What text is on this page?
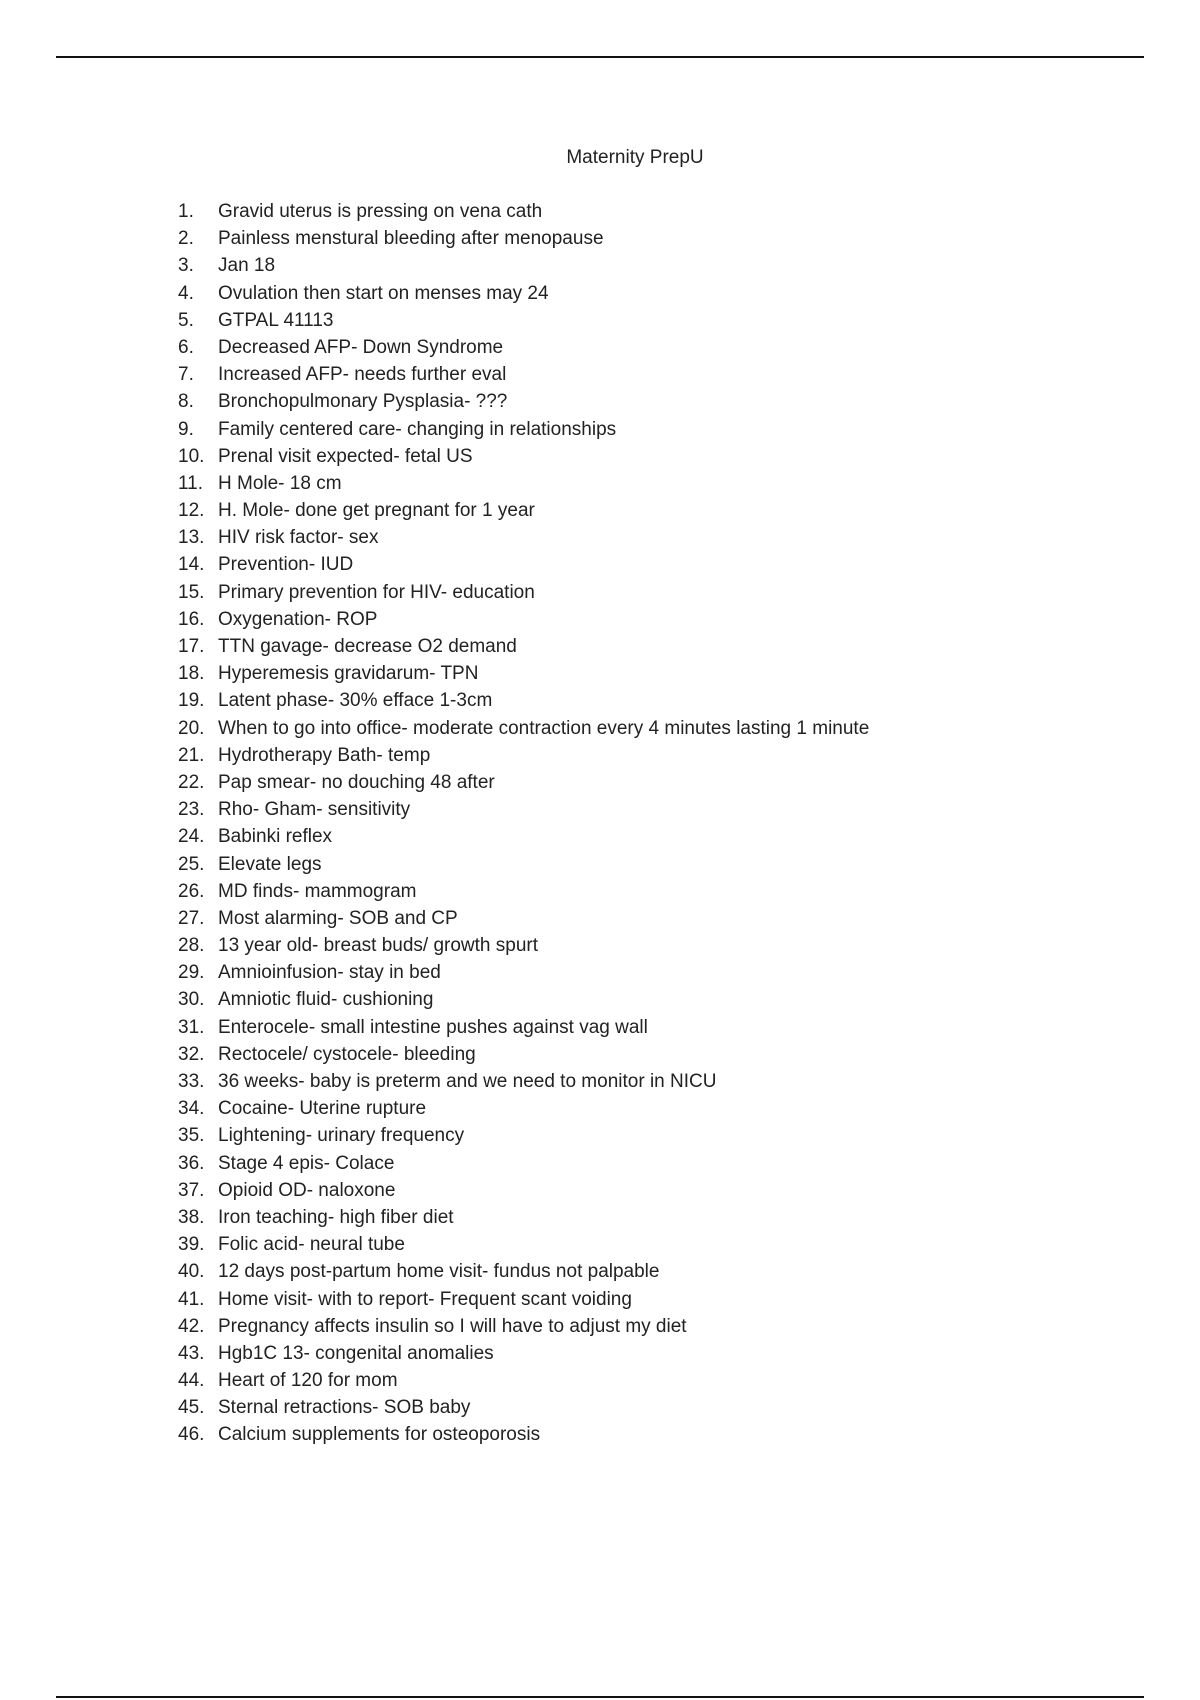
Maternity PrepU
1.	Gravid uterus is pressing on vena cath
2.	Painless menstural bleeding after menopause
3.	Jan 18
4.	Ovulation then start on menses may 24
5.	GTPAL 41113
6.	Decreased AFP- Down Syndrome
7.	Increased AFP- needs further eval
8.	Bronchopulmonary Pysplasia- ???
9.	Family centered care- changing in relationships
10. Prenal visit expected- fetal US
11. H Mole- 18 cm
12. H. Mole- done get pregnant for 1 year
13. HIV risk factor- sex
14. Prevention- IUD
15. Primary prevention for HIV- education
16. Oxygenation- ROP
17. TTN gavage- decrease O2 demand
18. Hyperemesis gravidarum- TPN
19. Latent phase- 30% efface 1-3cm
20. When to go into office- moderate contraction every 4 minutes lasting 1 minute
21. Hydrotherapy Bath- temp
22. Pap smear- no douching 48 after
23. Rho- Gham- sensitivity
24. Babinki reflex
25. Elevate legs
26. MD finds- mammogram
27. Most alarming- SOB and CP
28. 13 year old- breast buds/ growth spurt
29. Amnioinfusion- stay in bed
30. Amniotic fluid- cushioning
31. Enterocele- small intestine pushes against vag wall
32. Rectocele/ cystocele- bleeding
33. 36 weeks- baby is preterm and we need to monitor in NICU
34. Cocaine- Uterine rupture
35. Lightening- urinary frequency
36. Stage 4 epis- Colace
37. Opioid OD- naloxone
38. Iron teaching- high fiber diet
39. Folic acid- neural tube
40. 12 days post-partum home visit- fundus not palpable
41. Home visit- with to report- Frequent scant voiding
42. Pregnancy affects insulin so I will have to adjust my diet
43. Hgb1C 13- congenital anomalies
44. Heart of 120 for mom
45. Sternal retractions- SOB baby
46. Calcium supplements for osteoporosis
